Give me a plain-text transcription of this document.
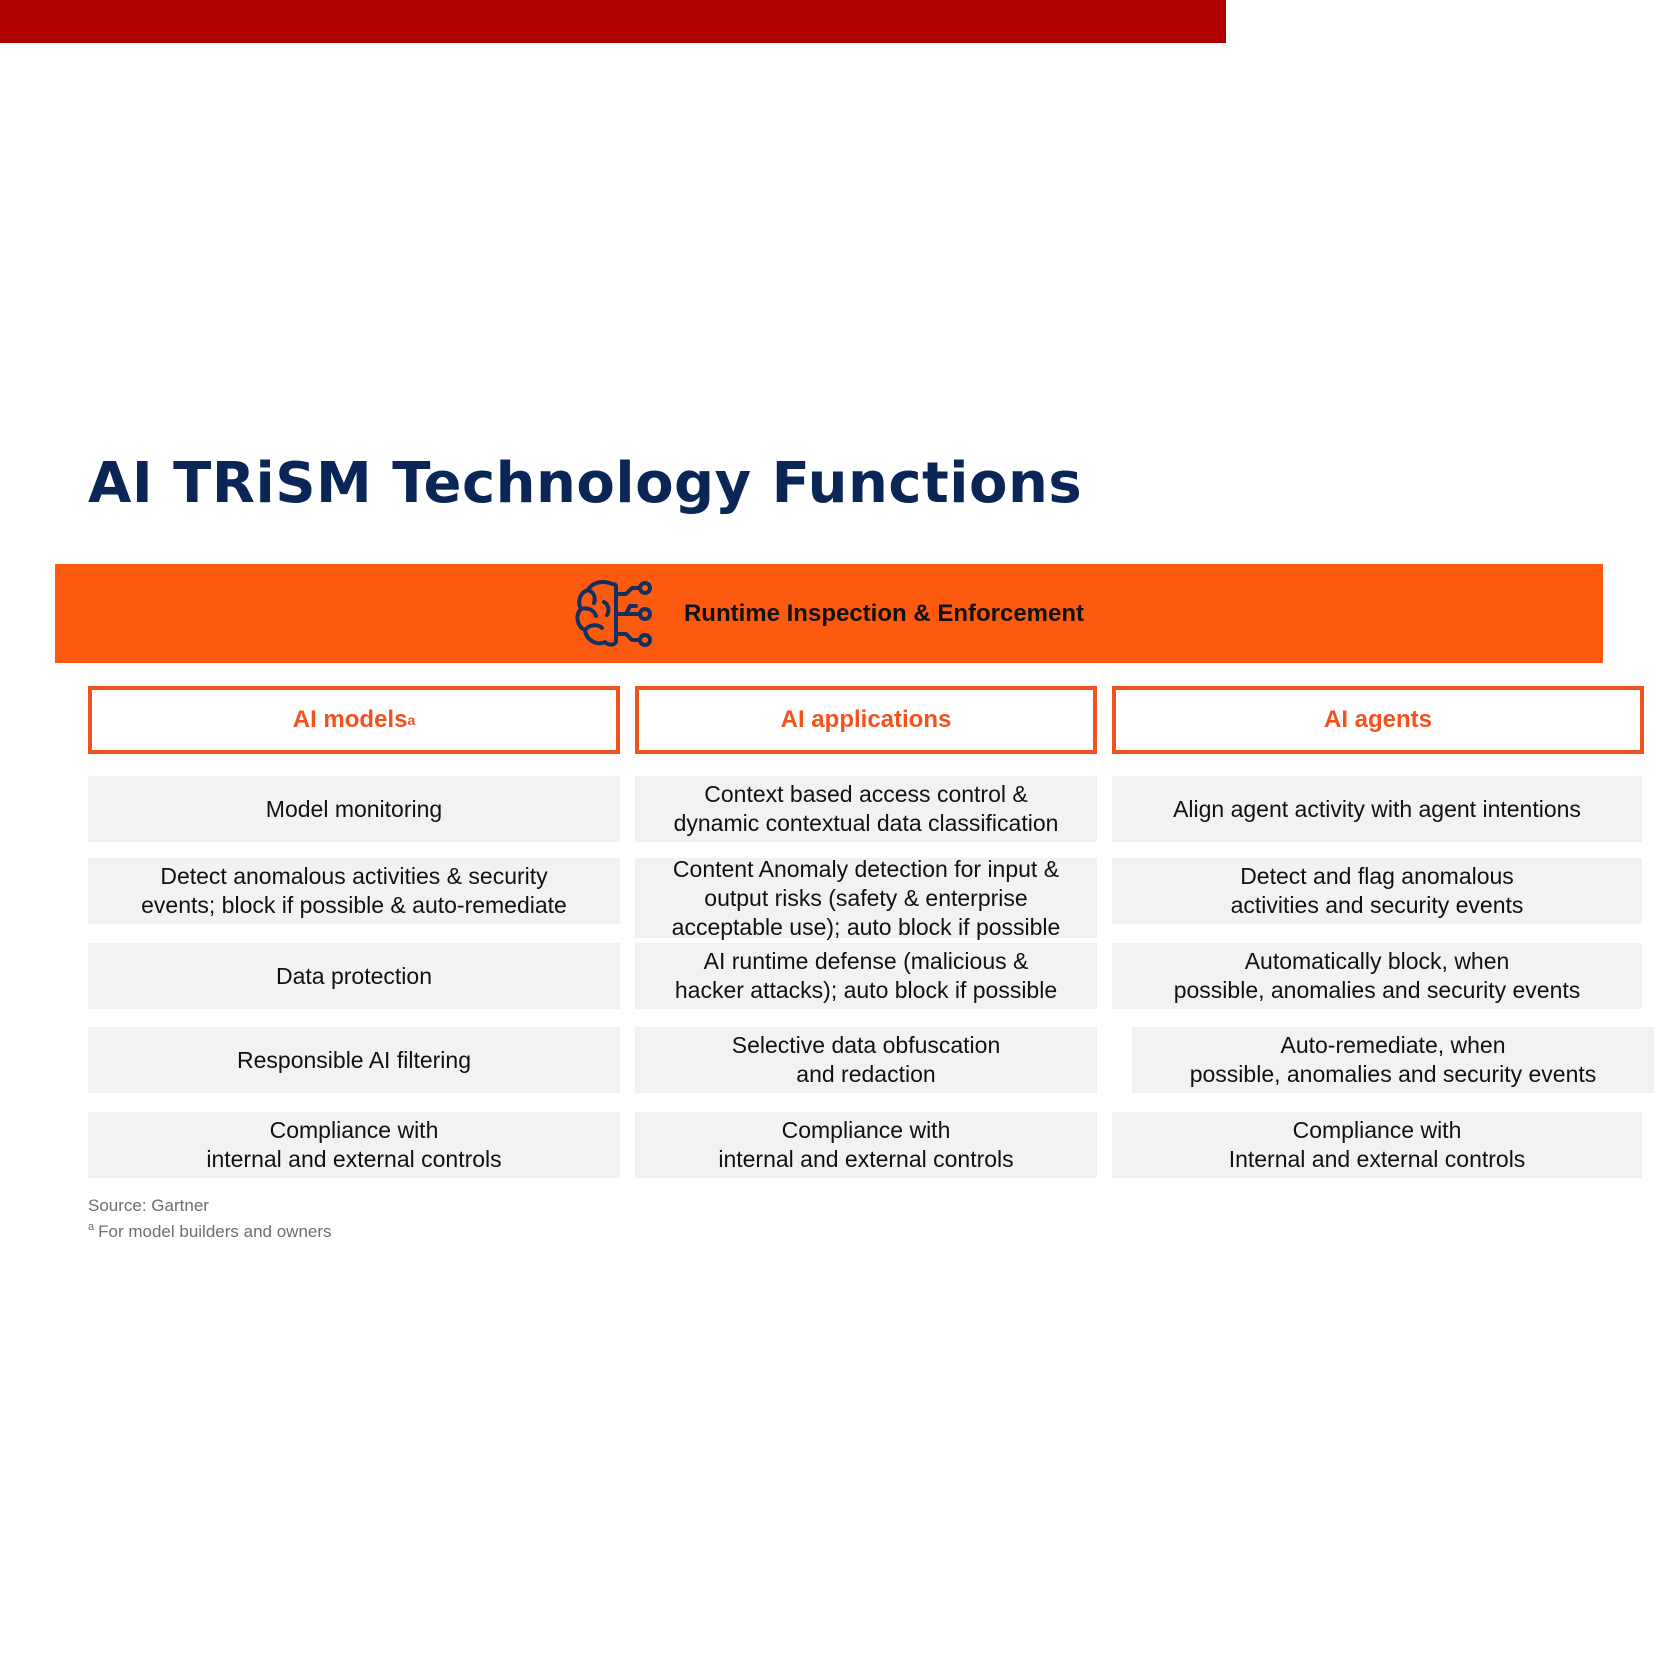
AI TRiSM Technology Functions
Runtime Inspection & Enforcement
AI models a	AI applications	AI agents
Model monitoring
Detect anomalous activities & security
events; block if possible & auto-remediate
Data protection
Responsible AI filtering
Compliance with
internal and external controls
Context based access control &
dynamic contextual data classification
Content Anomaly detection for input &
output risks (safety & enterprise
acceptable use); auto block if possible
AI runtime defense (malicious &
hacker attacks); auto block if possible
Selective data obfuscation
and redaction
Compliance with
internal and external controls
Align agent activity with agent intentions
Detect and flag anomalous
activities and security events
Automatically block, when
possible, anomalies and security events
Auto-remediate, when
possible, anomalies and security events
Compliance with
Internal and external controls
Source: Gartner
$^a$ For model builders and owners
